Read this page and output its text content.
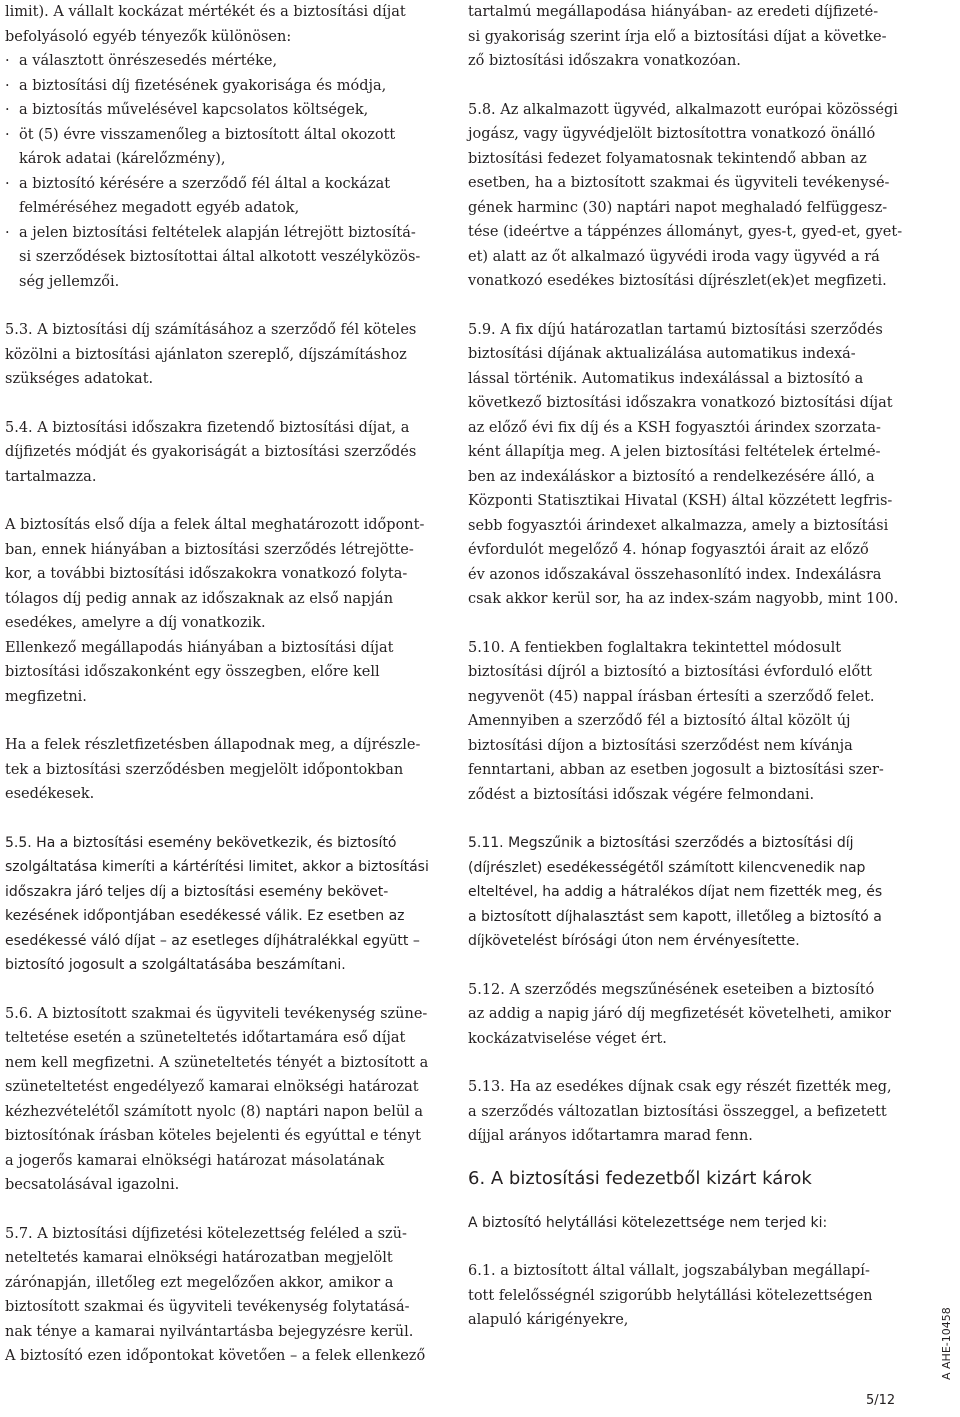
limit). A vállalt kockázat mértékét és a biztosítási díjat
befolyásoló egyéb tényezők különösen:

· a választott önrészesedés mértéke,
· a biztosítási díj fizetésének gyakorisága és módja,
· a biztosítás művelésével kapcsolatos költségek,
· öt (5) évre visszamenőleg a biztosított által okozott
károk adatai (kárelőzmény),
· a biztosító kérésére a szerződő fél által a kockázat
felméréséhez megadott egyéb adatok,
· a jelen biztosítási feltételek alapján létrejött biztosítá-
si szerződések biztosítottai által alkotott veszélyközös-
ség jellemzői.

5.3. A biztosítási díj számításához a szerződő fél köteles
közölni a biztosítási ajánlaton szereplő, díjszámításhoz
szükséges adatokat.

5.4. A biztosítási időszakra fizetendő biztosítási díjat, a
díjfizetés módját és gyakoriságát a biztosítási szerződés
tartalmazza.

A biztosítás első díja a felek által meghatározott időpont-
ban, ennek hiányában a biztosítási szerződés létrejötte-
kor, a további biztosítási időszakokra vonatkozó folyta-
tólagos díj pedig annak az időszaknak az első napján
esedékes, amelyre a díj vonatkozik.

Ellenkező megállapodás hiányában a biztosítási díjat
biztosítási időszakonként egy összegben, előre kell
megfizetni.

Ha a felek részletfizetésben állapodnak meg, a díjrészle-
tek a biztosítási szerződésben megjelölt időpontokban
esedékesek.

5.5. Ha a biztosítási esemény bekövetkezik, és biztosító
szolgáltatása kimeríti a kártérítési limitet, akkor a biztosítási
időszakra járó teljes díj a biztosítási esemény bekövet-
kezésének időpontjában esedékessé válik. Ez esetben az
esedékessé váló díjat – az esetleges díjhátralékkal együtt –
biztosító jogosult a szolgáltatásába beszámítani.

5.6. A biztosított szakmai és ügyviteli tevékenység szüne-
teltetése esetén a szüneteltetés időtartamára eső díjat
nem kell megfizetni. A szüneteltetés tényét a biztosított a
szüneteltetést engedélyező kamarai elnökségi határozat
kézhezvételétől számított nyolc (8) naptári napon belül a
biztosítónak írásban köteles bejelenti és egyúttal e tényt
a jogerős kamarai elnökségi határozat másolatának
becsatolásával igazolni.

5.7. A biztosítási díjfizetési kötelezettség feléled a szü-
neteltetés kamarai elnökségi határozatban megjelölt
zárónapján, illetőleg ezt megelőzően akkor, amikor a
biztosított szakmai és ügyviteli tevékenység folytatásá-
nak ténye a kamarai nyilvántartásba bejegyzésre kerül.
A biztosító ezen időpontokat követően – a felek ellenkező

tartalmú megállapodása hiányában- az eredeti díjfizeté-
si gyakoriság szerint írja elő a biztosítási díjat a követke-
ző biztosítási időszakra vonatkozóan.

5.8. Az alkalmazott ügyvéd, alkalmazott európai közösségi
jogász, vagy ügyvédjelölt biztosítottra vonatkozó önálló
biztosítási fedezet folyamatosnak tekintendő abban az
esetben, ha a biztosított szakmai és ügyviteli tevékenysé-
gének harminc (30) naptári napot meghaladó felfüggesz-
tése (ideértve a táppénzes állományt, gyes-t, gyed-et, gyet-
et) alatt az őt alkalmazó ügyvédi iroda vagy ügyvéd a rá
vonatkozó esedékes biztosítási díjrészlet(ek)et megfizeti.

5.9. A fix díjú határozatlan tartamú biztosítási szerződés
biztosítási díjának aktualizálása automatikus indexá-
lással történik. Automatikus indexálással a biztosító a
következő biztosítási időszakra vonatkozó biztosítási díjat
az előző évi fix díj és a KSH fogyasztói árindex szorzata-
ként állapítja meg. A jelen biztosítási feltételek értelmé-
ben az indexáláskor a biztosító a rendelkezésére álló, a
Központi Statisztikai Hivatal (KSH) által közzétett legfris-
sebb fogyasztói árindexet alkalmazza, amely a biztosítási
évfordulót megelőző 4. hónap fogyasztói árait az előző
év azonos időszakával összehasonlító index. Indexálásra
csak akkor kerül sor, ha az index-szám nagyobb, mint 100.

5.10. A fentiekben foglaltakra tekintettel módosult
biztosítási díjról a biztosító a biztosítási évforduló előtt
negyvenöt (45) nappal írásban értesíti a szerződő felet.
Amennyiben a szerződő fél a biztosító által közölt új
biztosítási díjon a biztosítási szerződést nem kívánja
fenntartani, abban az esetben jogosult a biztosítási szer-
ződést a biztosítási időszak végére felmondani.

5.11. Megszűnik a biztosítási szerződés a biztosítási díj
(díjrészlet) esedékességétől számított kilencvenedik nap
elteltével, ha addig a hátralékos díjat nem fizették meg, és
a biztosított díjhalasztást sem kapott, illetőleg a biztosító a
díjkövetelést bírósági úton nem érvényesítette.

5.12. A szerződés megszűnésének eseteiben a biztosító
az addig a napig járó díj megfizetését követelheti, amikor
kockázatviselése véget ért.

5.13. Ha az esedékes díjnak csak egy részét fizették meg,
a szerződés változatlan biztosítási összeggel, a befizetett
díjjal arányos időtartamra marad fenn.

6. A biztosítási fedezetből kizárt károk

A biztosító helytállási kötelezettsége nem terjed ki:

6.1. a biztosított által vállalt, jogszabályban megállapí-
tott felelősségnél szigorúbb helytállási kötelezettségen
alapuló kárigényekre,	A AHE-10458
5/12
